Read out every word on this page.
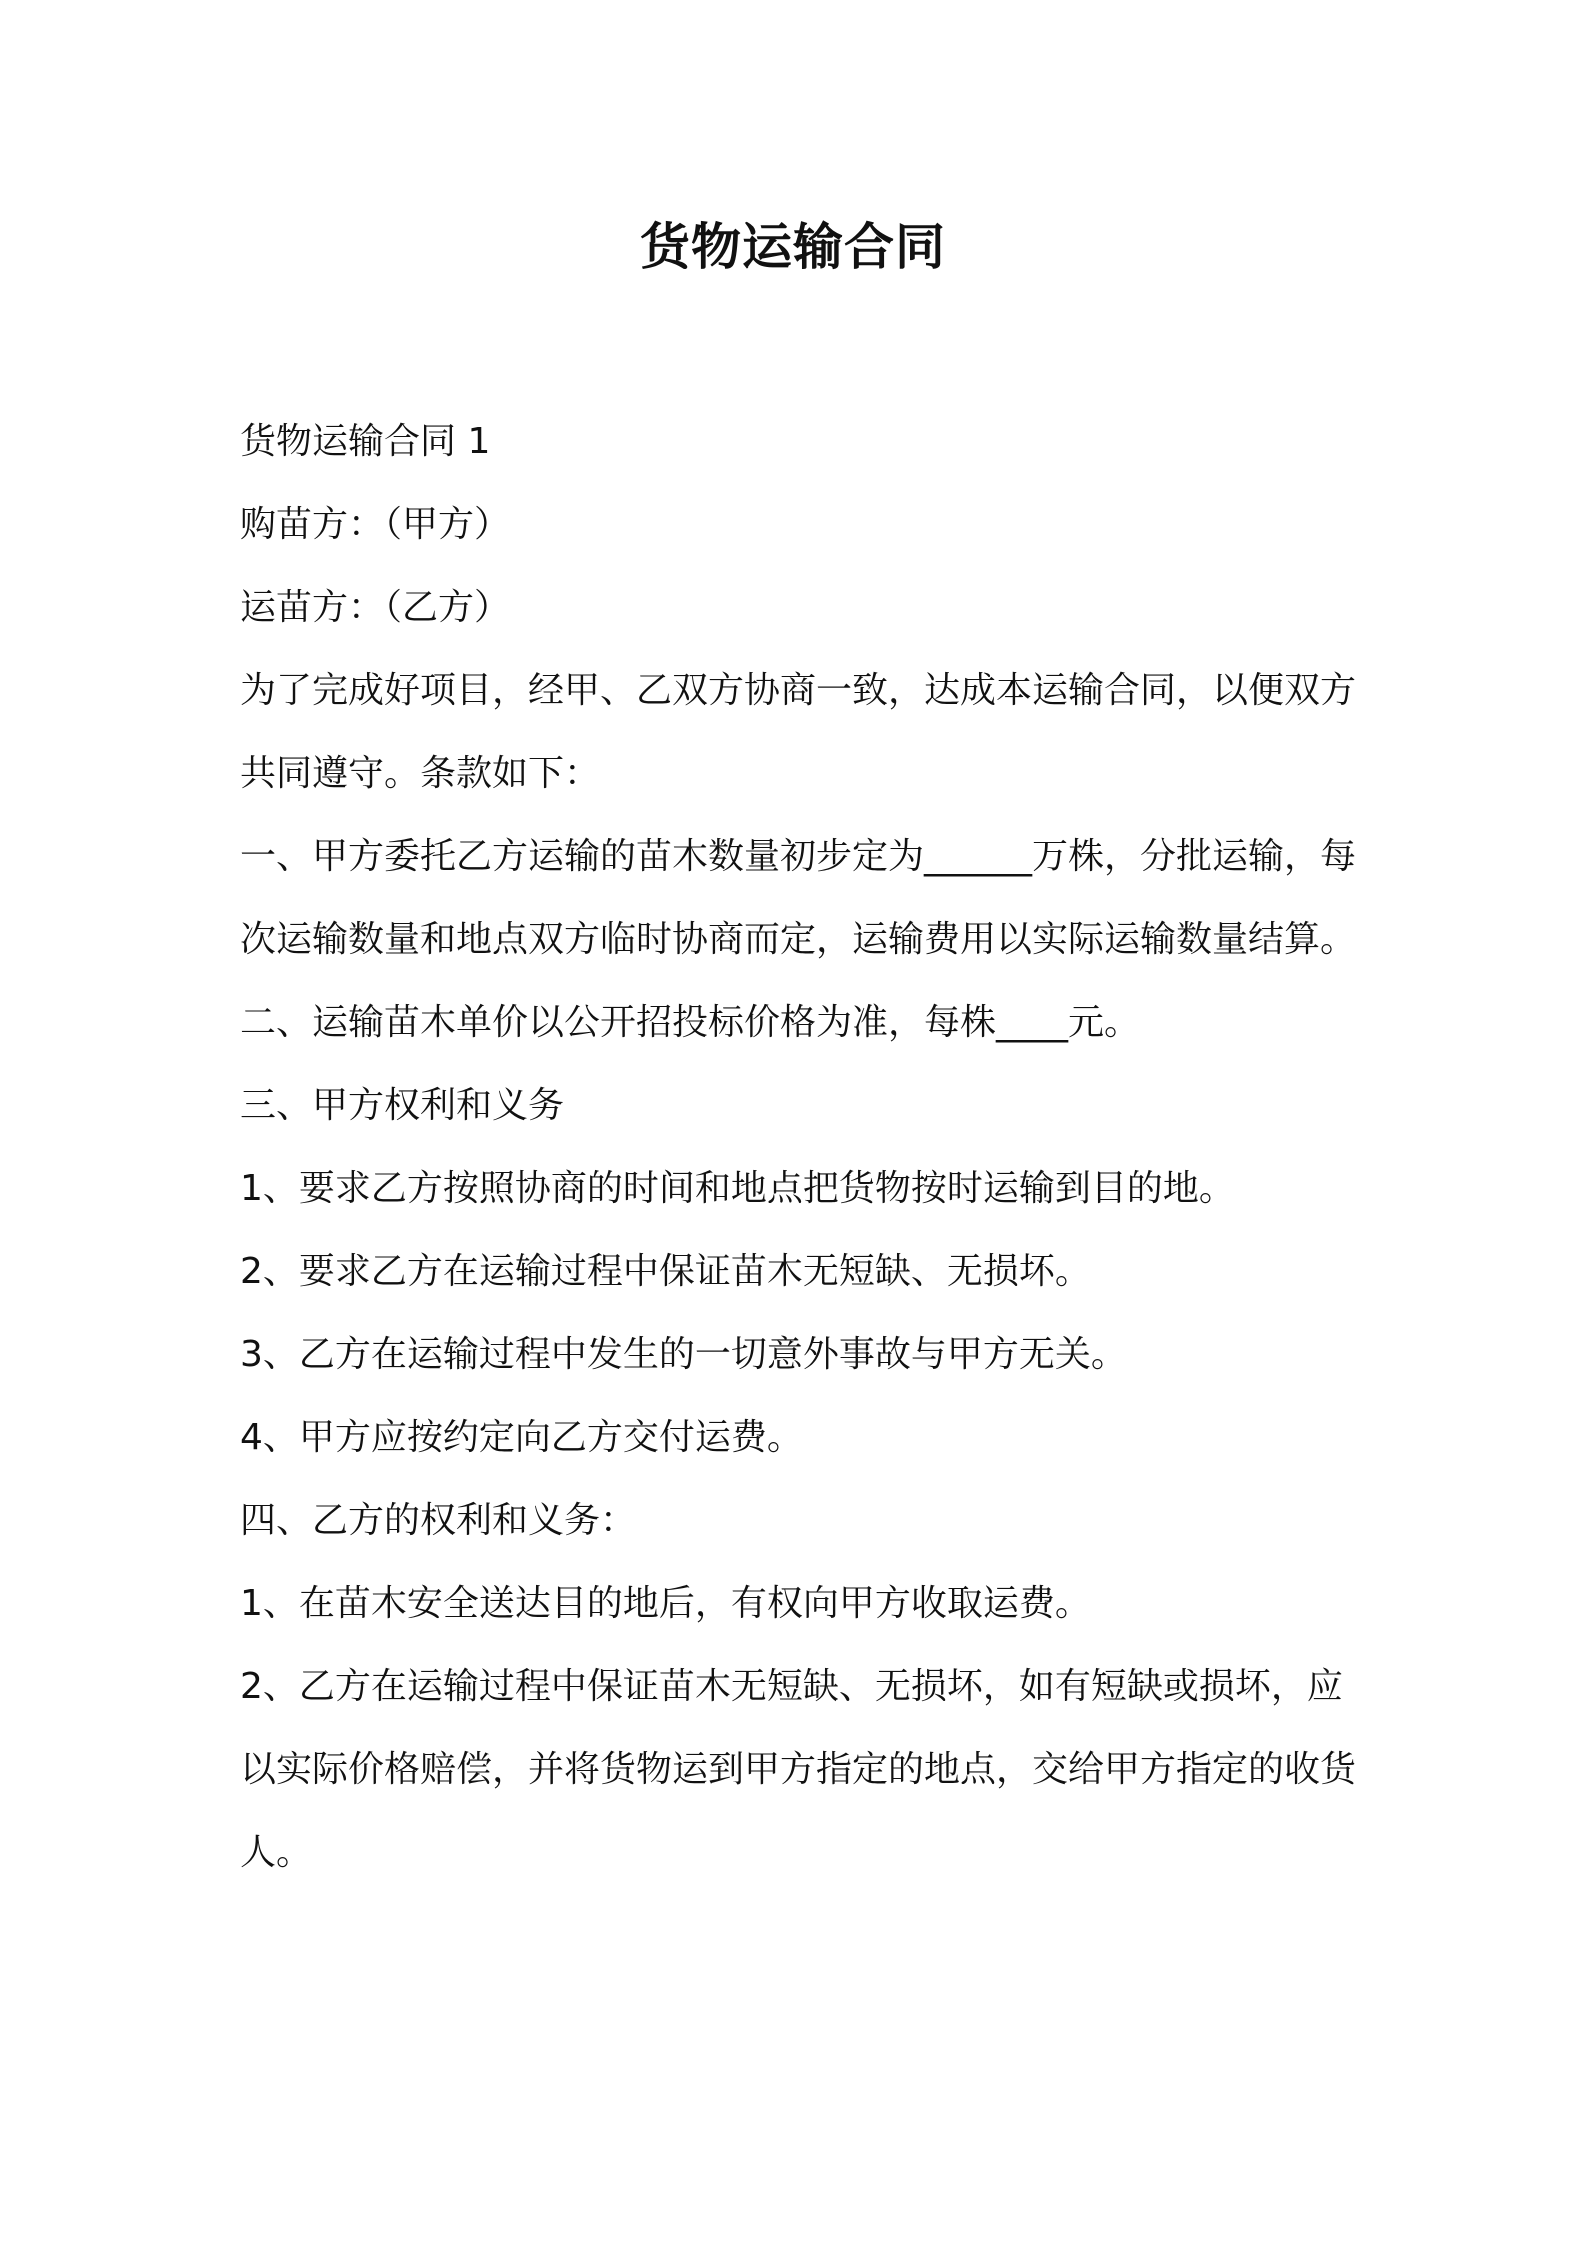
货物运输合同

货物运输合同 1

购苗方：（甲方）

运苗方：（乙方）

为了完成好项目，经甲、乙双方协商一致，达成本运输合同，以便双方共同遵守。条款如下：

一、甲方委托乙方运输的苗木数量初步定为______万株，分批运输，每次运输数量和地点双方临时协商而定，运输费用以实际运输数量结算。

二、运输苗木单价以公开招投标价格为准，每株____元。

三、甲方权利和义务

1、要求乙方按照协商的时间和地点把货物按时运输到目的地。

2、要求乙方在运输过程中保证苗木无短缺、无损坏。

3、乙方在运输过程中发生的一切意外事故与甲方无关。

4、甲方应按约定向乙方交付运费。

四、乙方的权利和义务：

1、在苗木安全送达目的地后，有权向甲方收取运费。

2、乙方在运输过程中保证苗木无短缺、无损坏，如有短缺或损坏，应以实际价格赔偿，并将货物运到甲方指定的地点，交给甲方指定的收货人。
